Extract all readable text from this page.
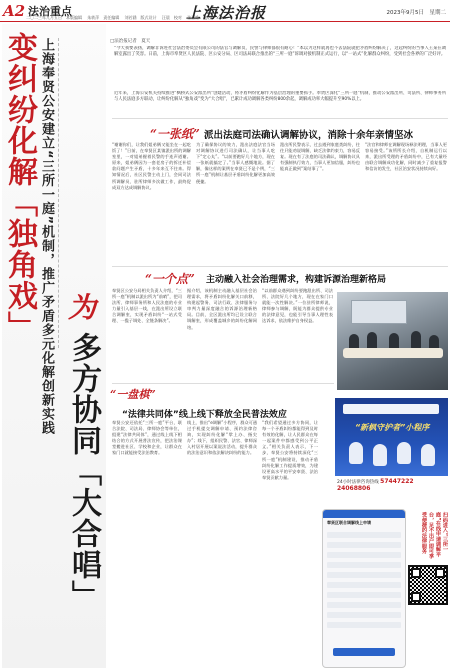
A2 法治重点
二〇二三年九月五日　本版编辑 　朱轶萍　责任编辑 　刘若涵　版式设计 　汪晨　校对 　张嘉维　电话 　xxxx
上海法治报	2023年9月5日　星期二
变纠纷化解「独角戏」 上海奉贤公安建立“三所一庭”机制，推广矛盾多元化解创新实践 为
多方协同「大合唱」
□法治报记者　夏天
“今天我要表扬，调解非诉进社会法治委员会有限公司的法官与调解员、民警与律师都很有耐心！”本以为这样就再也不去法院就把矛盾纠纷解决了，这起纠纷的当事人王某在调解室露出了笑容。日前，上海市奉贤区人民法院、区公安分局、区司法局联合推出的“三所一庭”诉调对接机制正式运行，以“一站式”化解群众纠纷，受到社会各界的广泛好评。
近年来，上海公安机关持续推进“枫桥式公安派出所”创建活动，将矛盾纠纷化解作为基层治理的重要抓手。奉贤区深化“三所一庭”机制，推动公安派出所、司法所、律师事务所与人民法庭多方联动，让纠纷化解从“独角戏”变为“大合唱”，已累计成功调解各类纠纷800余起，调解成功率大幅提升至90%以上。
“一张纸” 派出法庭司法确认调解协议，消除十余年亲情坚冰
“谢谢你们，让我们姐弟俩又能坐在一起吃饭了！”日前，在奉贤区某镇派出所的调解室里，一对姐弟握着民警的手连声道谢。原来，姐弟俩因为一套老房子的拆迁补偿款问题产生矛盾，十多年来互不往来。得知情况后，社区民警主动上门，会同司法所调解员、驻所律师多次做工作，最终促成双方达成调解协议。
为了确保协议的效力，派出法庭法官当场对调解协议进行司法确认，让当事人吃下“定心丸”。“以前要跑好几个地方，现在一张纸就搞定了。”当事人感慨地说。据了解，像这样的案例在奉贤已不是个例，“三所一庭”机制让基层矛盾纠纷化解更加高效便捷。
派出所民警表示，过去遇到家庭类纠纷，往往只能劝说调解，缺乏法律约束力，容易反复。现在有了法庭的司法确认，调解协议具有强制执行效力，当事人更加信服，纠纷也能真正做到“案结事了”。
“法官和律师在调解现场释法明理，当事人更容易接受。”该所所长介绍，自机制运行以来，派出所受理的矛盾纠纷中，已有大量经由联合调解成功化解，同时减少了重复报警和信访的发生，社区治安状况持续向好。
“一个点” 主动融入社会治理需求，构建诉源治理新格局
奉贤区公安分局相关负责人介绍，“三所一庭”机制以派出所为“前哨”，把司法所、律师事务所和人民法庭的专业力量引入基层一线，在派出所设立联合调解室，实现矛盾纠纷“一站式受理、一揽子调处、全链条解决”。
据介绍，该机制主动融入基层社会治理需求，将矛盾纠纷化解关口前移，构建起警务、司法行政、法律服务与审判力量深度融合的诉源治理新格局。目前，全区派出所均已设立联合调解室，形成覆盖城乡的纠纷化解网络。
“以前群众遇到纠纷要跑派出所、司法所、法院好几个地方，现在在家门口就能一次性解决。”一位驻所律师说，律师参与调解，既能为群众提供专业的法律意见，也能引导当事人理性表达诉求，依法维护自身权益。
“一盘棋”
“法律共同体”线上线下释放全民普法效应
奉贤公安还依托“三所一庭”平台，联合法院、司法局、律师协会等单位，组建“法律共同体”，通过线上线下相结合的方式开展普法宣传，把法治课堂搬进社区、学校和企业，让群众在家门口就能接受法治教育。
线上，推出“e调解”小程序，群众可通过手机提交调解申请、预约法律咨询，实现纠纷化解“掌上办、指尖办”；线下，组织民警、法官、律师深入村居开展以案说法活动，提升群众的法治意识和依法解决纠纷的能力。
“我们希望通过多方协同，让每一个矛盾纠纷都能得到及时有效的化解，让人民群众在每一起案件中都感受到公平正义。”相关负责人表示，下一步，奉贤公安将持续深化“三所一庭”机制建设，推动矛盾纠纷化解工作提质增效，为建设更高水平的平安奉贤、法治奉贤贡献力量。
“新枫守护者”小程序
24小时法律咨询热线 57447222 24068806
奉贤区联合调解线上申请	扫码进入“三所一庭”在线申请调解平台，足不出户即可享受便捷的法律服务
